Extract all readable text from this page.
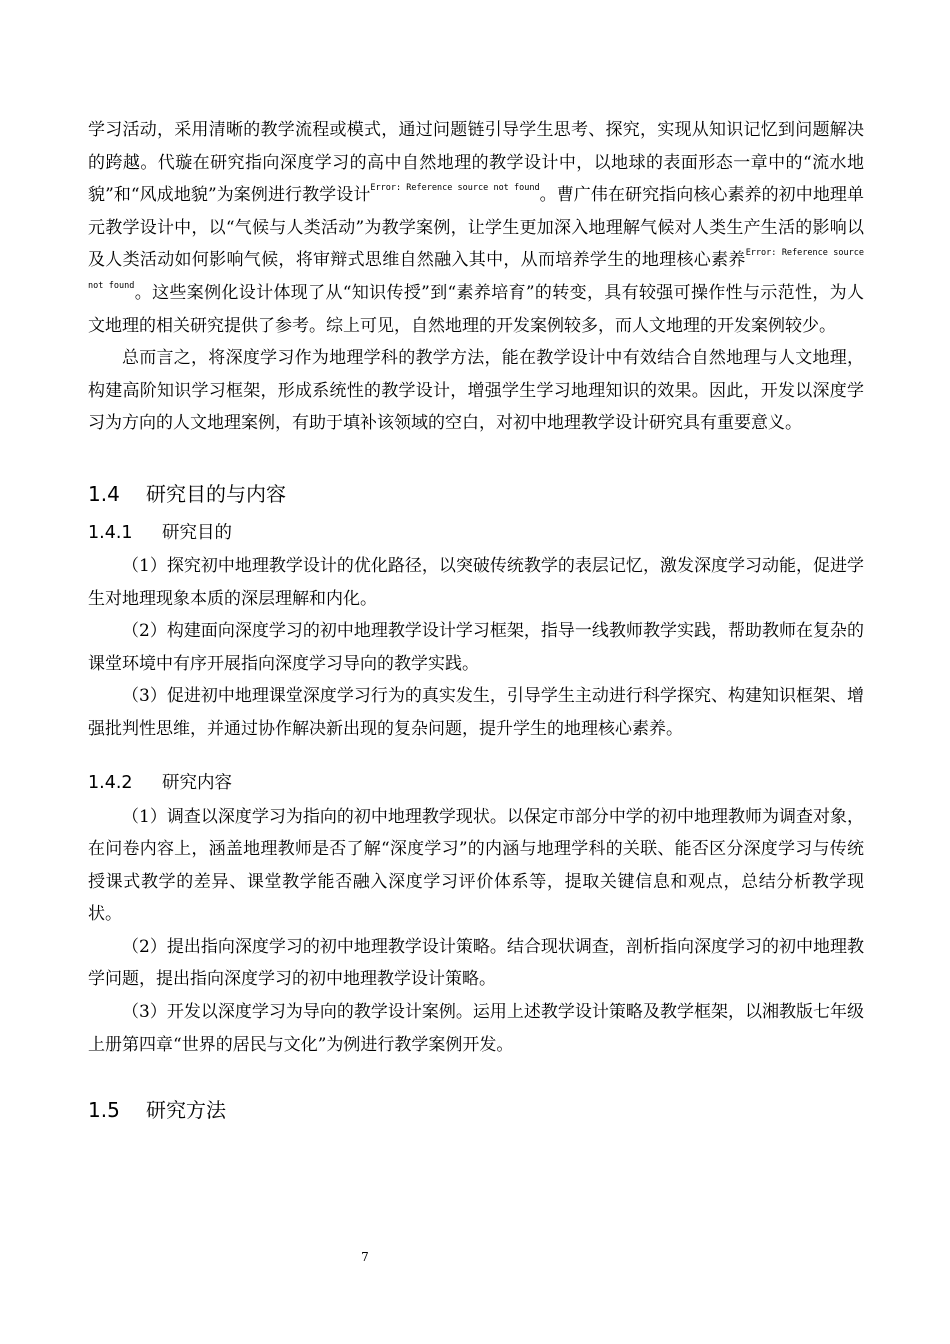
学习活动，采用清晰的教学流程或模式，通过问题链引导学生思考、探究，实现从知识记忆到问题解决的跨越。代璇在研究指向深度学习的高中自然地理的教学设计中，以地球的表面形态一章中的“流水地貌”和“风成地貌”为案例进行教学设计$^{Error: Reference source not found}$。曹广伟在研究指向核心素养的初中地理单元教学设计中，以“气候与人类活动”为教学案例，让学生更加深入地理解气候对人类生产生活的影响以及人类活动如何影响气候，将审辩式思维自然融入其中，从而培养学生的地理核心素养$^{Error: Reference source not found}$。这些案例化设计体现了从“知识传授”到“素养培育”的转变，具有较强可操作性与示范性，为人文地理的相关研究提供了参考。综上可见，自然地理的开发案例较多，而人文地理的开发案例较少。

总而言之，将深度学习作为地理学科的教学方法，能在教学设计中有效结合自然地理与人文地理，构建高阶知识学习框架，形成系统性的教学设计，增强学生学习地理知识的效果。因此，开发以深度学习为方向的人文地理案例，有助于填补该领域的空白，对初中地理教学设计研究具有重要意义。

1.4 研究目的与内容
1.4.1 研究目的

（1）探究初中地理教学设计的优化路径，以突破传统教学的表层记忆，激发深度学习动能，促进学生对地理现象本质的深层理解和内化。

（2）构建面向深度学习的初中地理教学设计学习框架，指导一线教师教学实践，帮助教师在复杂的课堂环境中有序开展指向深度学习导向的教学实践。

（3）促进初中地理课堂深度学习行为的真实发生，引导学生主动进行科学探究、构建知识框架、增强批判性思维，并通过协作解决新出现的复杂问题，提升学生的地理核心素养。

1.4.2 研究内容

（1）调查以深度学习为指向的初中地理教学现状。以保定市部分中学的初中地理教师为调查对象，在问卷内容上，涵盖地理教师是否了解“深度学习”的内涵与地理学科的关联、能否区分深度学习与传统授课式教学的差异、课堂教学能否融入深度学习评价体系等，提取关键信息和观点，总结分析教学现状。

（2）提出指向深度学习的初中地理教学设计策略。结合现状调查，剖析指向深度学习的初中地理教学问题，提出指向深度学习的初中地理教学设计策略。

（3）开发以深度学习为导向的教学设计案例。运用上述教学设计策略及教学框架，以湘教版七年级上册第四章“世界的居民与文化”为例进行教学案例开发。

1.5 研究方法
7
